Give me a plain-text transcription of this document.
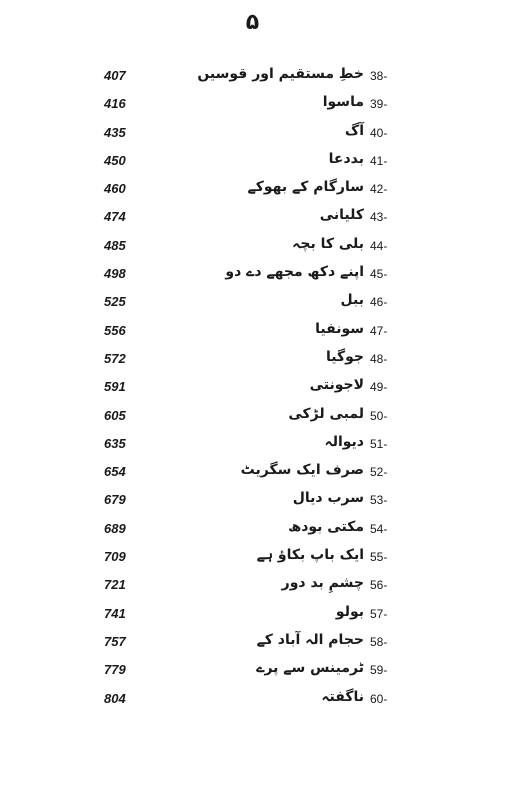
۵
407	خطِ مستقیم اور قوسیں 38-
416	ماسوا 39-
435	آگ 40-
450	بددعا 41-
460	سارگام کے بھوکے 42-
474	کلیانی 43-
485	بلی کا بچہ 44-
498	اپنے دکھ مجھے دے دو 45-
525	ببل 46-
556	سونفیا 47-
572	جوگیا 48-
591	لاجونتی 49-
605	لمبی لڑکی 50-
635	دیوالہ 51-
654	صرف ایک سگریٹ 52-
679	سرب دیال 53-
689	مکتی بودھ 54-
709	ایک باپ بکاؤ ہے 55-
721	چشمِ بد دور 56-
741	بولو 57-
757	حجام الہ آباد کے 58-
779	ٹرمینس سے پرے 59-
804	ناگفتہ 60-
